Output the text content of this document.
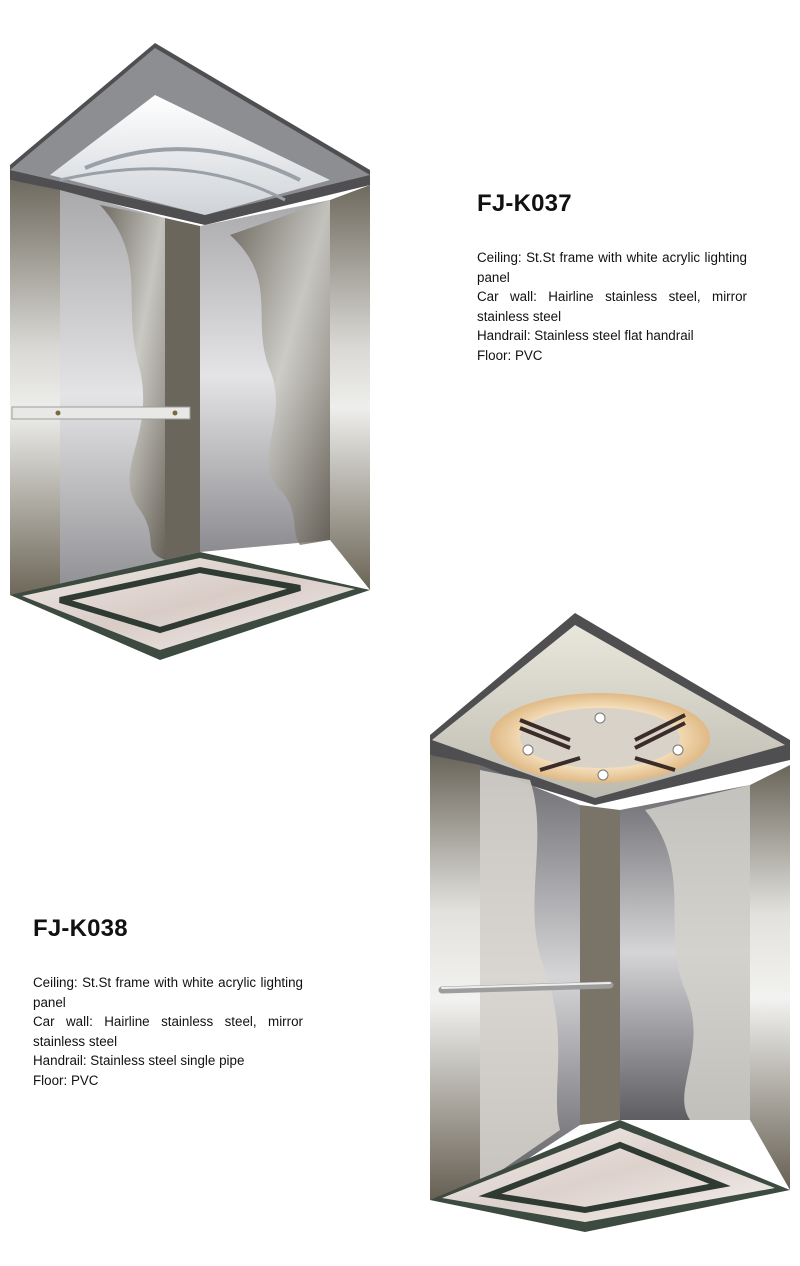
FJ-K037

Ceiling: St.St frame with white acrylic lighting panel

Car wall: Hairline stainless steel, mirror stainless steel

Handrail: Stainless steel flat handrail

Floor: PVC

FJ-K038

Ceiling: St.St frame with white acrylic lighting panel

Car wall: Hairline stainless steel, mirror stainless steel

Handrail: Stainless steel single pipe

Floor: PVC
